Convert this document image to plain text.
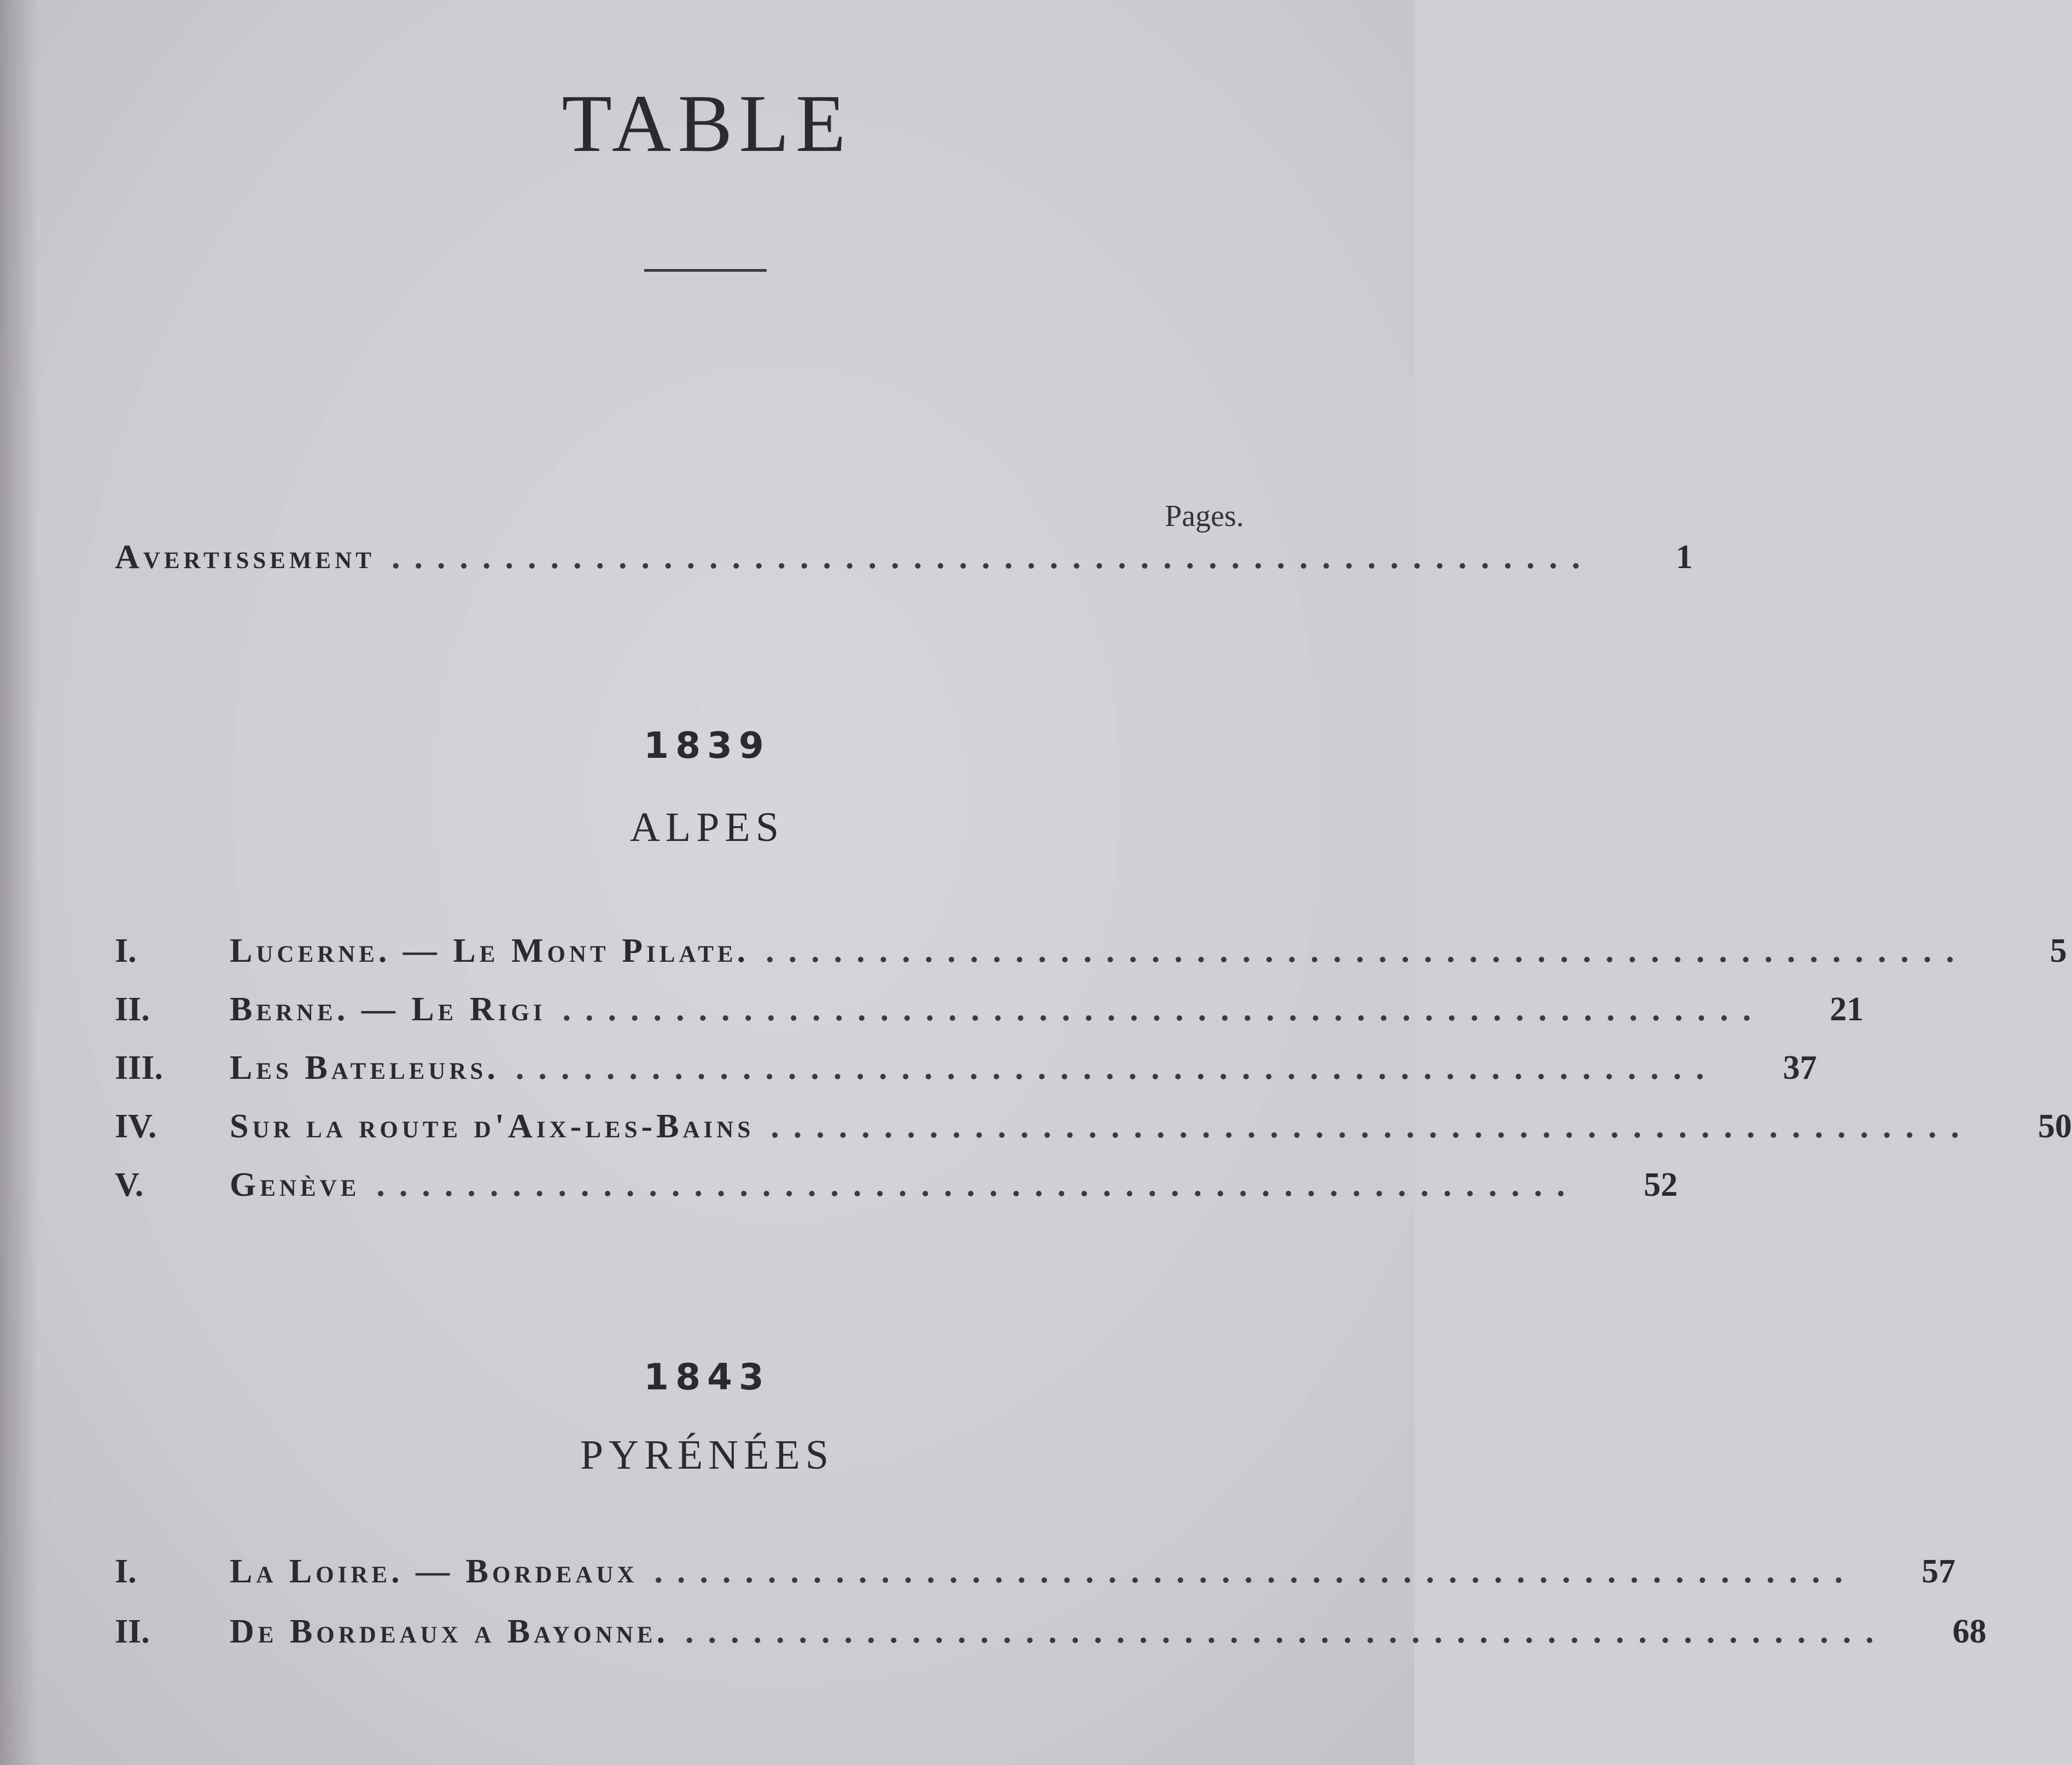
TABLE
Pages.
Avertissement .....................................................	1
1839
ALPES
I.	Lucerne. — Le Mont Pilate. .....................................................	5
II.	Berne. — Le Rigi .....................................................	21
III.	Les Bateleurs. .....................................................	37
IV.	Sur la route d'Aix-les-Bains .....................................................	50
V.	Genève .....................................................	52
1843
PYRÉNÉES
I.	La Loire. — Bordeaux .....................................................	57
II.	De Bordeaux a Bayonne. .....................................................	68
